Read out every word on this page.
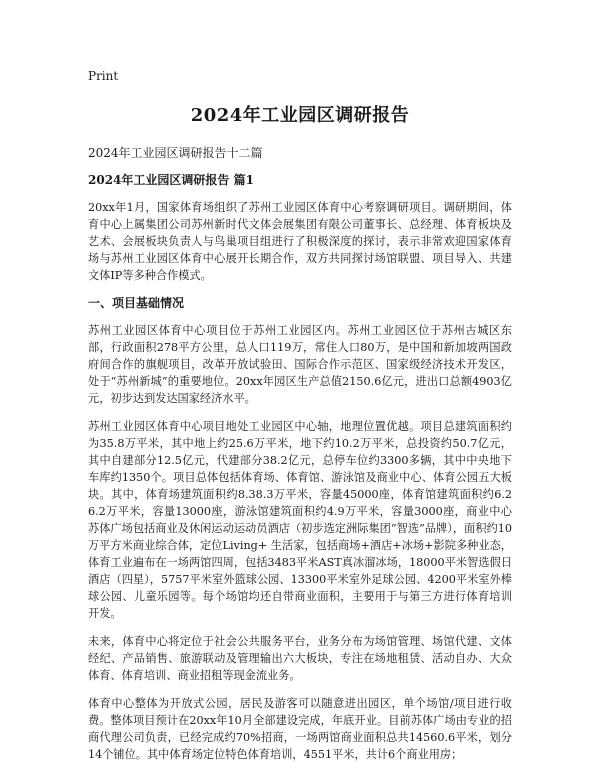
Print
2024年工业园区调研报告
2024年工业园区调研报告十二篇
2024年工业园区调研报告 篇1

20xx年1月，国家体育场组织了苏州工业园区体育中心考察调研项目。调研期间，体育中心上属集团公司苏州新时代文体会展集团有限公司董事长、总经理、体育板块及艺术、会展板块负责人与鸟巢项目组进行了积极深度的探讨，表示非常欢迎国家体育场与苏州工业园区体育中心展开长期合作，双方共同探讨场馆联盟、项目导入、共建文体IP等多种合作模式。

一、项目基础情况

苏州工业园区体育中心项目位于苏州工业园区内。苏州工业园区位于苏州古城区东部，行政面积278平方公里，总人口119万，常住人口80万，是中国和新加坡两国政府间合作的旗舰项目，改革开放试验田、国际合作示范区、国家级经济技术开发区，处于“苏州新城”的重要地位。20xx年园区生产总值2150.6亿元，进出口总额4903亿元，初步达到发达国家经济水平。

苏州工业园区体育中心项目地处工业园区中心轴，地理位置优越。项目总建筑面积约为35.8万平米，其中地上约25.6万平米，地下约10.2万平米，总投资约50.7亿元，其中自建部分12.5亿元，代建部分38.2亿元，总停车位约3300多辆，其中中央地下车库约1350个。项目总体包括体育场、体育馆、游泳馆及商业中心、体育公园五大板块。其中，体育场建筑面积约8.38.3万平米，容量45000座，体育馆建筑面积约6.26.2万平米，容量13000座，游泳馆建筑面积约4.9万平米，容量3000座，商业中心苏体广场包括商业及休闲运动运动员酒店（初步选定洲际集团“智选”品牌），面积约10万平方米商业综合体，定位Living+ 生活家，包括商场+酒店+冰场+影院多种业态，体育工业遍布在一场两馆四周，包括3483平米AST真冰溜冰场，18000平米智选假日酒店（四星），5757平米室外篮球公园、13300平米室外足球公园、4200平米室外棒球公园、儿童乐园等。每个场馆均还自带商业面积，主要用于与第三方进行体育培训开发。

未来，体育中心将定位于社会公共服务平台，业务分布为场馆管理、场馆代建、文体经纪、产品销售、旅游联动及管理输出六大板块，专注在场地租赁、活动自办、大众体育、体育培训、商业招租等现金流业务。

体育中心整体为开放式公园，居民及游客可以随意进出园区，单个场馆/项目进行收费。整体项目预计在20xx年10月全部建设完成，年底开业。目前苏体广场由专业的招商代理公司负责，已经完成约70%招商，一场两馆商业面积总共14560.6平米，划分14个铺位。其中体育场定位特色体育培训，4551平米，共计6个商业用房；
